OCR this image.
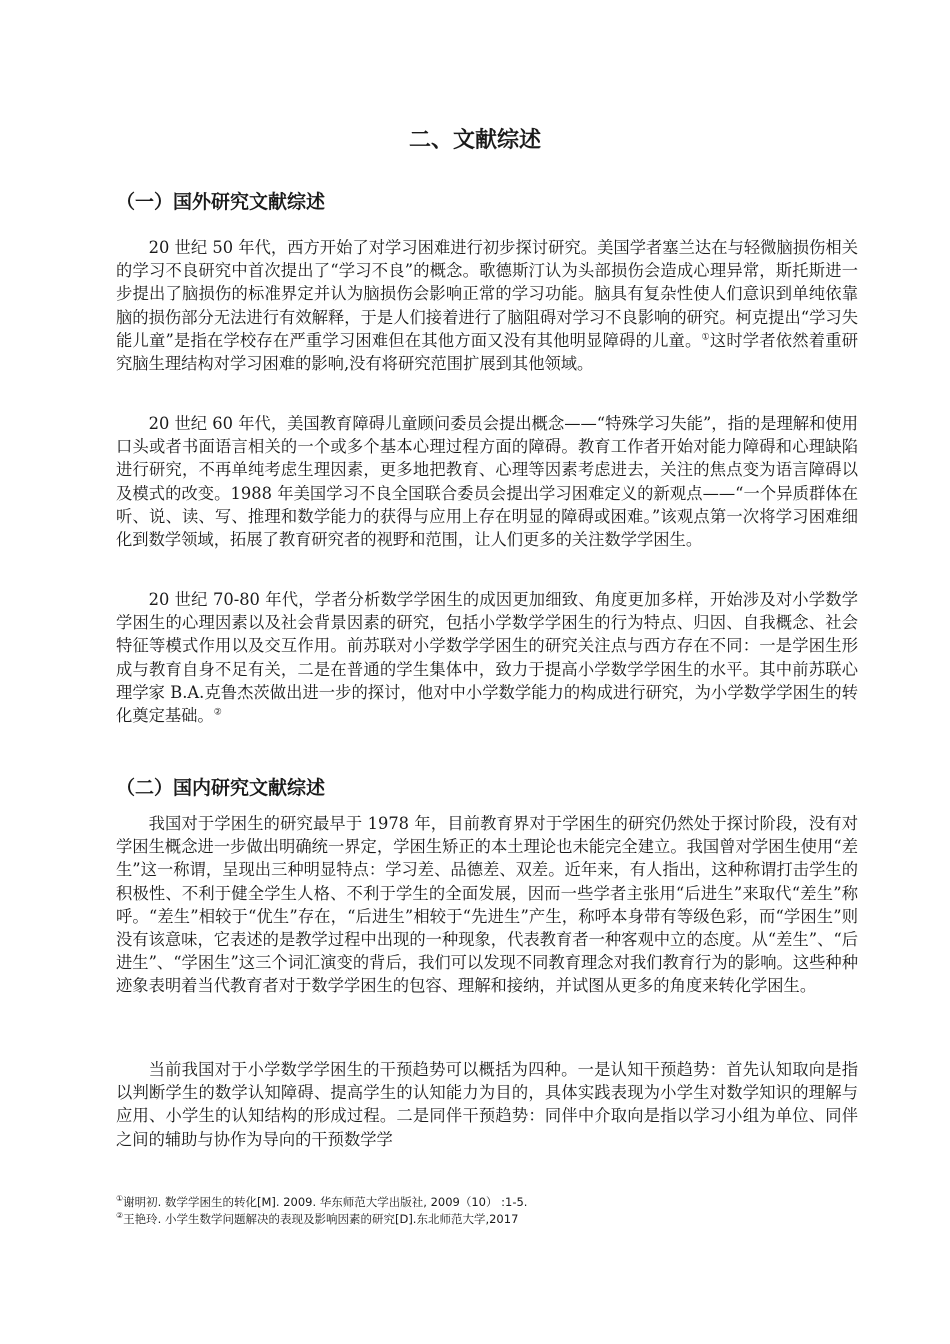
二、文献综述
（一）国外研究文献综述

20 世纪 50 年代，西方开始了对学习困难进行初步探讨研究。美国学者塞兰达在与轻微脑损伤相关的学习不良研究中首次提出了“学习不良”的概念。歌德斯汀认为头部损伤会造成心理异常，斯托斯进一步提出了脑损伤的标准界定并认为脑损伤会影响正常的学习功能。脑具有复杂性使人们意识到单纯依靠脑的损伤部分无法进行有效解释，于是人们接着进行了脑阻碍对学习不良影响的研究。柯克提出“学习失能儿童”是指在学校存在严重学习困难但在其他方面又没有其他明显障碍的儿童。①这时学者依然着重研究脑生理结构对学习困难的影响,没有将研究范围扩展到其他领域。

20 世纪 60 年代，美国教育障碍儿童顾问委员会提出概念——“特殊学习失能”，指的是理解和使用口头或者书面语言相关的一个或多个基本心理过程方面的障碍。教育工作者开始对能力障碍和心理缺陷进行研究，不再单纯考虑生理因素，更多地把教育、心理等因素考虑进去，关注的焦点变为语言障碍以及模式的改变。1988 年美国学习不良全国联合委员会提出学习困难定义的新观点——“一个异质群体在听、说、读、写、推理和数学能力的获得与应用上存在明显的障碍或困难。”该观点第一次将学习困难细化到数学领域，拓展了教育研究者的视野和范围，让人们更多的关注数学学困生。

20 世纪 70-80 年代，学者分析数学学困生的成因更加细致、角度更加多样，开始涉及对小学数学学困生的心理因素以及社会背景因素的研究，包括小学数学学困生的行为特点、归因、自我概念、社会特征等模式作用以及交互作用。前苏联对小学数学学困生的研究关注点与西方存在不同：一是学困生形成与教育自身不足有关，二是在普通的学生集体中，致力于提高小学数学学困生的水平。其中前苏联心理学家 B.A.克鲁杰茨做出进一步的探讨，他对中小学数学能力的构成进行研究，为小学数学学困生的转化奠定基础。②

（二）国内研究文献综述

我国对于学困生的研究最早于 1978 年，目前教育界对于学困生的研究仍然处于探讨阶段，没有对学困生概念进一步做出明确统一界定，学困生矫正的本土理论也未能完全建立。我国曾对学困生使用“差生”这一称谓，呈现出三种明显特点：学习差、品德差、双差。近年来，有人指出，这种称谓打击学生的积极性、不利于健全学生人格、不利于学生的全面发展，因而一些学者主张用“后进生”来取代“差生”称呼。“差生”相较于“优生”存在，“后进生”相较于“先进生”产生，称呼本身带有等级色彩，而“学困生”则没有该意味，它表述的是教学过程中出现的一种现象，代表教育者一种客观中立的态度。从“差生”、“后进生”、“学困生”这三个词汇演变的背后，我们可以发现不同教育理念对我们教育行为的影响。这些种种迹象表明着当代教育者对于数学学困生的包容、理解和接纳，并试图从更多的角度来转化学困生。

当前我国对于小学数学学困生的干预趋势可以概括为四种。一是认知干预趋势：首先认知取向是指以判断学生的数学认知障碍、提高学生的认知能力为目的，具体实践表现为小学生对数学知识的理解与应用、小学生的认知结构的形成过程。二是同伴干预趋势：同伴中介取向是指以学习小组为单位、同伴之间的辅助与协作为导向的干预数学学

①谢明初. 数学学困生的转化[M]. 2009. 华东师范大学出版社, 2009（10） :1-5.

②王艳玲. 小学生数学问题解决的表现及影响因素的研究[D].东北师范大学,2017
